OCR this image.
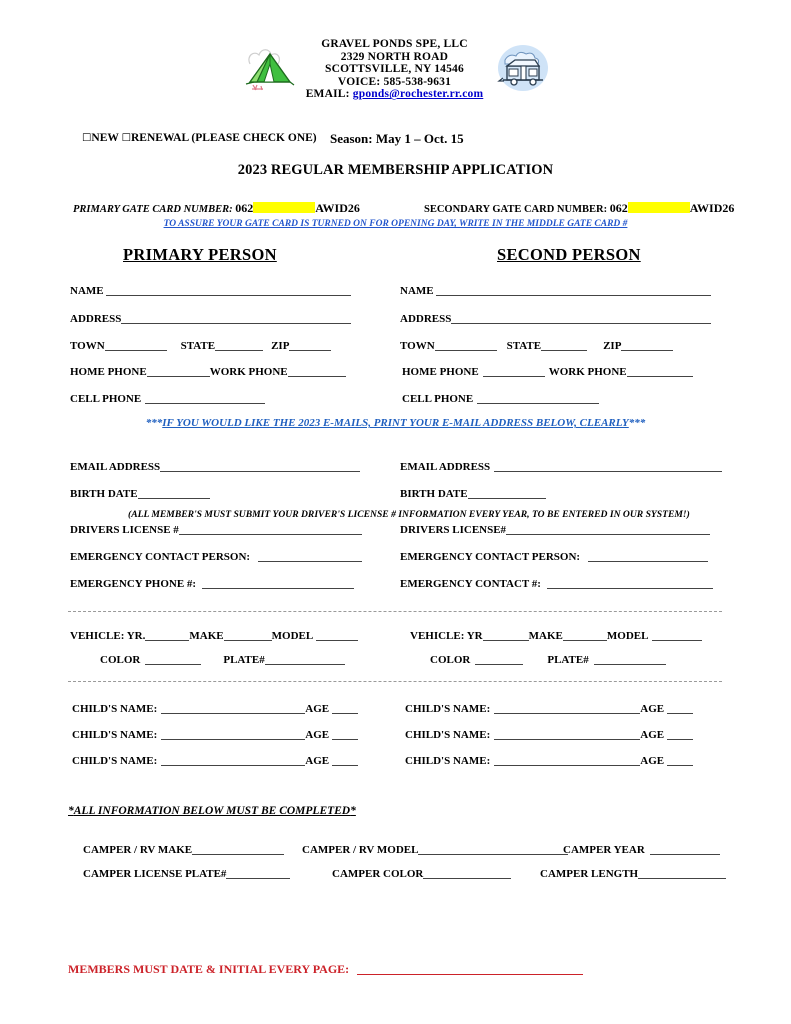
GRAVEL PONDS SPE, LLC
2329 NORTH ROAD
SCOTTSVILLE, NY 14546
VOICE: 585-538-9631
EMAIL: gponds@rochester.rr.com
☐NEW ☐RENEWAL (PLEASE CHECK ONE) Season: May 1 – Oct. 15
2023 REGULAR MEMBERSHIP APPLICATION
PRIMARY GATE CARD NUMBER: 062	AWID26	SECONDARY GATE CARD NUMBER: 062	AWID26
TO ASSURE YOUR GATE CARD IS TURNED ON FOR OPENING DAY, WRITE IN THE MIDDLE GATE CARD #
PRIMARY PERSON	SECOND PERSON
NAME	NAME
ADDRESS	ADDRESS
TOWN	STATE	ZIP	TOWN	STATE	ZIP
HOME PHONE	WORK PHONE	HOME PHONE	WORK PHONE
CELL PHONE	CELL PHONE
EMAIL ADDRESS	EMAIL ADDRESS
BIRTH DATE	BIRTH DATE
DRIVERS LICENSE #	DRIVERS LICENSE#
EMERGENCY CONTACT PERSON:	EMERGENCY CONTACT PERSON:
EMERGENCY PHONE #:	EMERGENCY CONTACT #:
VEHICLE: YR.	MAKE	MODEL	VEHICLE: YR	MAKE	MODEL
COLOR	PLATE#	COLOR	PLATE#
CHILD'S NAME:	AGE	CHILD'S NAME:	AGE
CHILD'S NAME:	AGE	CHILD'S NAME:	AGE
CHILD'S NAME:	AGE	CHILD'S NAME:	AGE
CAMPER / RV MAKE	CAMPER / RV MODEL	CAMPER YEAR
CAMPER LICENSE PLATE#	CAMPER COLOR	CAMPER LENGTH
***IF YOU WOULD LIKE THE 2023 E-MAILS, PRINT YOUR E-MAIL ADDRESS BELOW, CLEARLY***
(ALL MEMBER'S MUST SUBMIT YOUR DRIVER'S LICENSE # INFORMATION EVERY YEAR, TO BE ENTERED IN OUR SYSTEM!)
*ALL INFORMATION BELOW MUST BE COMPLETED*
MEMBERS MUST DATE & INITIAL EVERY PAGE:
